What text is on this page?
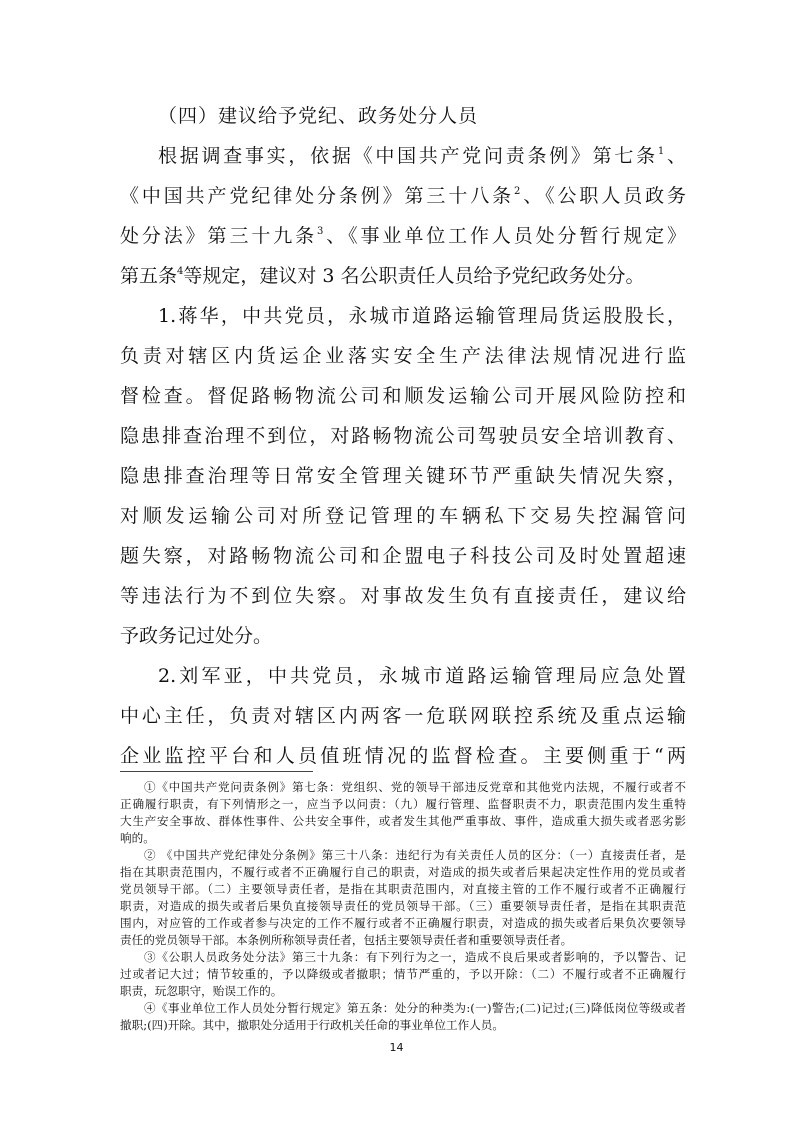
（四）建议给予党纪、政务处分人员

根据调查事实，依据《中国共产党问责条例》第七条$^1$、
《中国共产党纪律处分条例》第三十八条$^2$、《公职人员政务
处分法》第三十九条$^3$、《事业单位工作人员处分暂行规定》
第五条$^4$等规定，建议对 3 名公职责任人员给予党纪政务处分。

1.蒋华，中共党员，永城市道路运输管理局货运股股长，
负责对辖区内货运企业落实安全生产法律法规情况进行监
督检查。督促路畅物流公司和顺发运输公司开展风险防控和
隐患排查治理不到位，对路畅物流公司驾驶员安全培训教育、
隐患排查治理等日常安全管理关键环节严重缺失情况失察，
对顺发运输公司对所登记管理的车辆私下交易失控漏管问
题失察，对路畅物流公司和企盟电子科技公司及时处置超速
等违法行为不到位失察。对事故发生负有直接责任，建议给
予政务记过处分。

2.刘军亚，中共党员，永城市道路运输管理局应急处置
中心主任，负责对辖区内两客一危联网联控系统及重点运输
企业监控平台和人员值班情况的监督检查。主要侧重于“两

①《中国共产党问责条例》第七条：党组织、党的领导干部违反党章和其他党内法规，不履行或者不
正确履行职责，有下列情形之一，应当予以问责：（九）履行管理、监督职责不力，职责范围内发生重特
大生产安全事故、群体性事件、公共安全事件，或者发生其他严重事故、事件，造成重大损失或者恶劣影
响的。

② 《中国共产党纪律处分条例》第三十八条：违纪行为有关责任人员的区分：（一）直接责任者，是
指在其职责范围内，不履行或者不正确履行自己的职责，对造成的损失或者后果起决定性作用的党员或者
党员领导干部。（二）主要领导责任者，是指在其职责范围内，对直接主管的工作不履行或者不正确履行
职责，对造成的损失或者后果负直接领导责任的党员领导干部。（三）重要领导责任者，是指在其职责范
围内，对应管的工作或者参与决定的工作不履行或者不正确履行职责，对造成的损失或者后果负次要领导
责任的党员领导干部。本条例所称领导责任者，包括主要领导责任者和重要领导责任者。

③《公职人员政务处分法》第三十九条：有下列行为之一，造成不良后果或者影响的，予以警告、记
过或者记大过；情节较重的，予以降级或者撤职；情节严重的，予以开除：（二）不履行或者不正确履行
职责，玩忽职守，贻误工作的。

④《事业单位工作人员处分暂行规定》第五条：处分的种类为:(一)警告;(二)记过;(三)降低岗位等级或者
撤职;(四)开除。其中，撤职处分适用于行政机关任命的事业单位工作人员。

14
